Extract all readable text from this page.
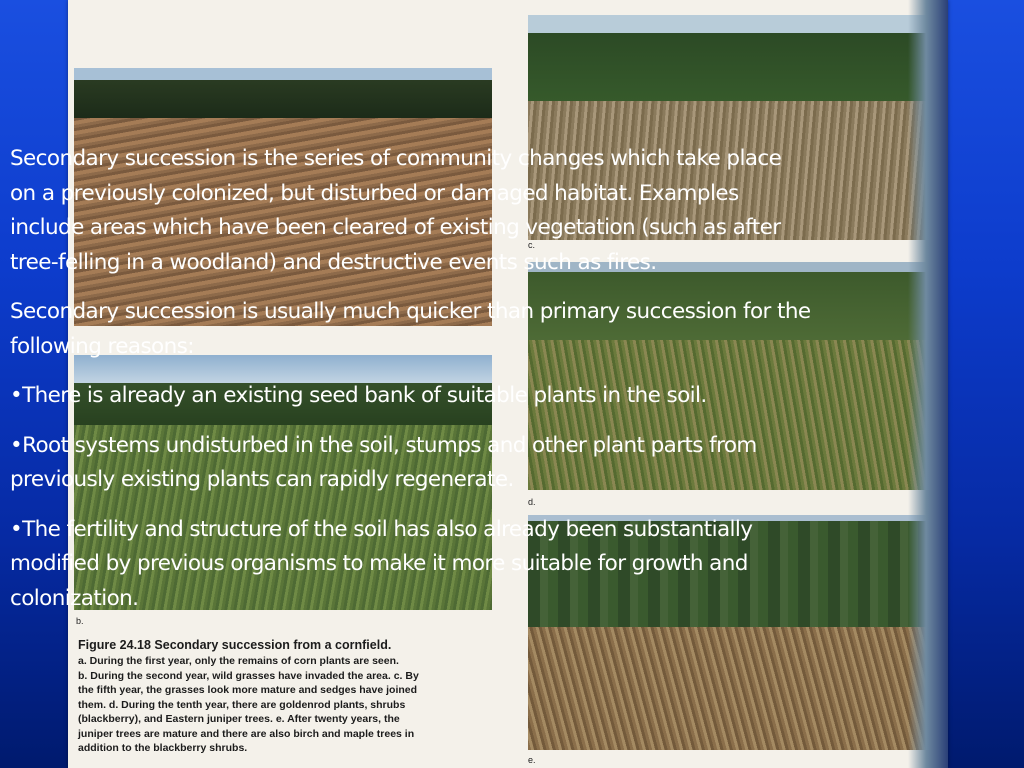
b.
c.
d.
e.
Figure 24.18 Secondary succession from a cornfield.
a. During the first year, only the remains of corn plants are seen.
b. During the second year, wild grasses have invaded the area. c. By
the fifth year, the grasses look more mature and sedges have joined
them. d. During the tenth year, there are goldenrod plants, shrubs
(blackberry), and Eastern juniper trees. e. After twenty years, the
juniper trees are mature and there are also birch and maple trees in
addition to the blackberry shrubs.

Secondary succession is the series of community changes which take place
on a previously colonized, but disturbed or damaged habitat. Examples
include areas which have been cleared of existing vegetation (such as after
tree-felling in a woodland) and destructive events such as fires.

Secondary succession is usually much quicker than primary succession for the
following reasons:

•There is already an existing seed bank of suitable plants in the soil.

•Root systems undisturbed in the soil, stumps and other plant parts from
previously existing plants can rapidly regenerate.

•The fertility and structure of the soil has also already been substantially
modified by previous organisms to make it more suitable for growth and
colonization.
